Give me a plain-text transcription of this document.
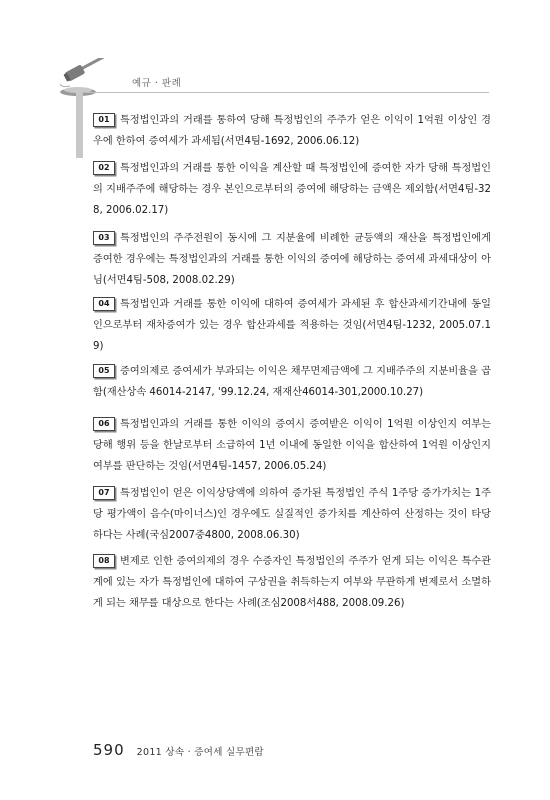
예규 · 판례
01 특정법인과의 거래를 통하여 당해 특정법인의 주주가 얻은 이익이 1억원 이상인 경우에 한하여 증여세가 과세됨(서면4팀-1692, 2006.06.12)
02 특정법인과의 거래를 통한 이익을 계산할 때 특정법인에 증여한 자가 당해 특정법인의 지배주주에 해당하는 경우 본인으로부터의 증여에 해당하는 금액은 제외함(서면4팀-328, 2006.02.17)
03 특정법인의 주주전원이 동시에 그 지분율에 비례한 균등액의 재산을 특정법인에게 증여한 경우에는 특정법인과의 거래를 통한 이익의 증여에 해당하는 증여세 과세대상이 아님(서면4팀-508, 2008.02.29)
04 특정법인과 거래를 통한 이익에 대하여 증여세가 과세된 후 합산과세기간내에 동일인으로부터 재차증여가 있는 경우 합산과세를 적용하는 것임(서면4팀-1232, 2005.07.19)
05 증여의제로 증여세가 부과되는 이익은 채무면제금액에 그 지배주주의 지분비율을 곱함(재산상속 46014-2147, '99.12.24, 재재산46014-301,2000.10.27)
06 특정법인과의 거래를 통한 이익의 증여시 증여받은 이익이 1억원 이상인지 여부는 당해 행위 등을 한날로부터 소급하여 1년 이내에 동일한 이익을 합산하여 1억원 이상인지 여부를 판단하는 것임(서면4팀-1457, 2006.05.24)
07 특정법인이 얻은 이익상당액에 의하여 증가된 특정법인 주식 1주당 증가가치는 1주당 평가액이 음수(마이너스)인 경우에도 실질적인 증가치를 계산하여 산정하는 것이 타당하다는 사례(국심2007중4800, 2008.06.30)
08 변제로 인한 증여의제의 경우 수증자인 특정법인의 주주가 얻게 되는 이익은 특수관계에 있는 자가 특정법인에 대하여 구상권을 취득하는지 여부와 무관하게 변제로서 소멸하게 되는 채무를 대상으로 한다는 사례(조심2008서488, 2008.09.26)
590 2011 상속 · 증여세 실무편람
